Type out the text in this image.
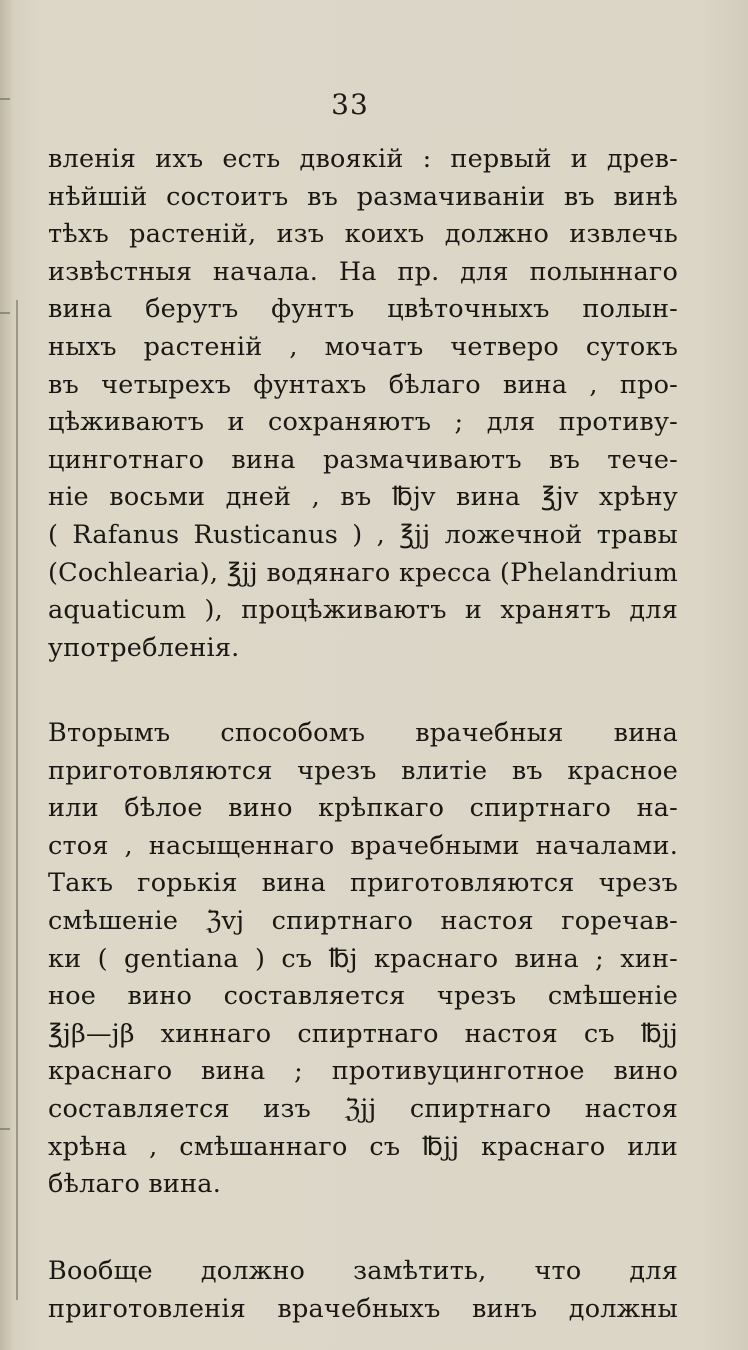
33
вленія ихъ есть двоякій : первый и древ-
нѣйшій состоитъ въ размачиваніи въ винѣ
тѣхъ растеній, изъ коихъ должно извлечь
извѣстныя начала. На пр. для полыннаго
вина берутъ фунтъ цвѣточныхъ полын-
ныхъ растеній , мочатъ четверо сутокъ
въ четырехъ фунтахъ бѣлаго вина , про-
цѣживаютъ и сохраняютъ ; для противу-
цинготнаго вина размачиваютъ въ тече-
ніе восьми дней , въ ℔jv вина ℥jv хрѣну
( Rafanus Rusticanus ) , ℥jj ложечной травы
(Cochlearia), ℥jj водянаго кресса (Phelandrium
aquaticum ), процѣживаютъ и хранятъ для
употребленія.
Вторымъ способомъ врачебныя вина
приготовляются чрезъ влитіе въ красное
или бѣлое вино крѣпкаго спиртнаго на-
стоя , насыщеннаго врачебными началами.
Такъ горькія вина приготовляются чрезъ
смѣшеніе ℨvj спиртнаго настоя горечав-
ки ( gentiana ) съ ℔j краснаго вина ; хин-
ное вино составляется чрезъ смѣшеніе
℥jβ—jβ хиннаго спиртнаго настоя съ ℔jj
краснаго вина ; противуцинготное вино
составляется изъ ℨjj спиртнаго настоя
хрѣна , смѣшаннаго съ ℔jj краснаго или
бѣлаго вина.
Вообще должно замѣтить, что для
приготовленія врачебныхъ винъ должны
